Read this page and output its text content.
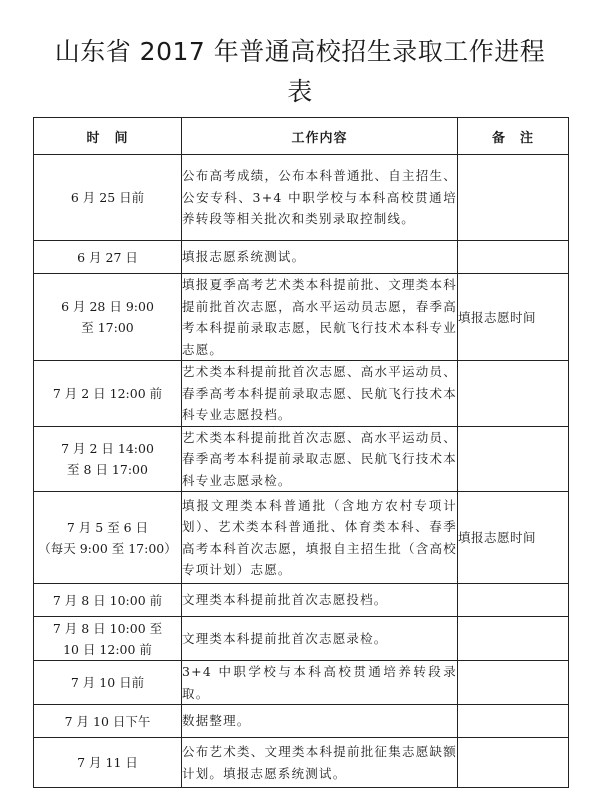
山东省 2017 年普通高校招生录取工作进程
表
时　间	工作内容	备　注

6 月 25 日前	公布高考成绩，公布本科普通批、自主招生、公安专科、3+4 中职学校与本科高校贯通培养转段等相关批次和类别录取控制线。	

6 月 27 日	填报志愿系统测试。	

6 月 28 日 9:00
至 17:00	填报夏季高考艺术类本科提前批、文理类本科提前批首次志愿，高水平运动员志愿，春季高考本科提前录取志愿，民航飞行技术本科专业志愿。	填报志愿时间

7 月 2 日 12:00 前	艺术类本科提前批首次志愿、高水平运动员、春季高考本科提前录取志愿、民航飞行技术本科专业志愿投档。	

7 月 2 日 14:00
至 8 日 17:00	艺术类本科提前批首次志愿、高水平运动员、春季高考本科提前录取志愿、民航飞行技术本科专业志愿录检。	

7 月 5 至 6 日
（每天 9:00 至 17:00）	填报文理类本科普通批（含地方农村专项计划）、艺术类本科普通批、体育类本科、春季高考本科首次志愿，填报自主招生批（含高校专项计划）志愿。	填报志愿时间

7 月 8 日 10:00 前	文理类本科提前批首次志愿投档。	

7 月 8 日 10:00 至
10 日 12:00 前	文理类本科提前批首次志愿录检。	

7 月 10 日前	3+4 中职学校与本科高校贯通培养转段录取。	

7 月 10 日下午	数据整理。	

7 月 11 日	公布艺术类、文理类本科提前批征集志愿缺额计划。填报志愿系统测试。	
